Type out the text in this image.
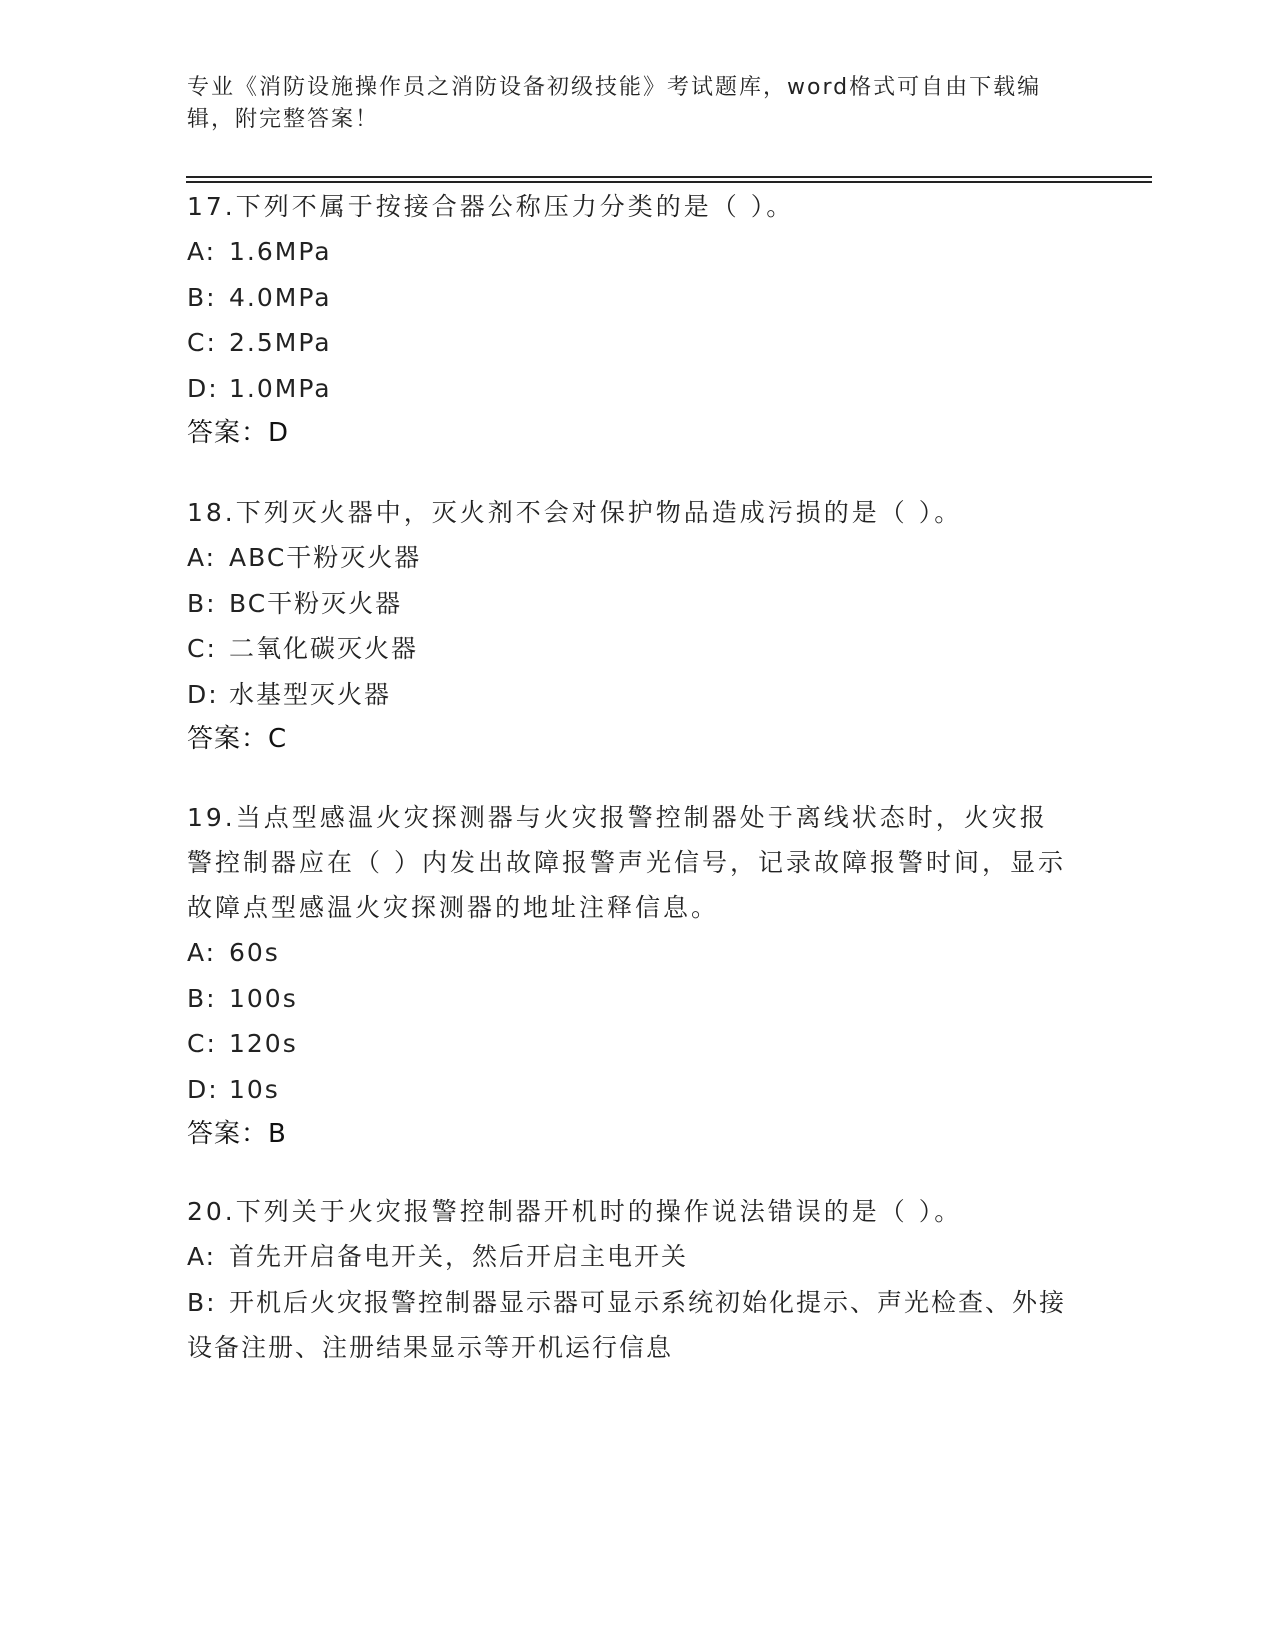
专业《消防设施操作员之消防设备初级技能》考试题库，word格式可自由下载编辑，附完整答案！
17.下列不属于按接合器公称压力分类的是（ ）。
A: 1.6MPa
B: 4.0MPa
C: 2.5MPa
D: 1.0MPa
答案：D
18.下列灭火器中，灭火剂不会对保护物品造成污损的是（ ）。
A: ABC干粉灭火器
B: BC干粉灭火器
C: 二氧化碳灭火器
D: 水基型灭火器
答案：C
19.当点型感温火灾探测器与火灾报警控制器处于离线状态时，火灾报警控制器应在（ ）内发出故障报警声光信号，记录故障报警时间，显示故障点型感温火灾探测器的地址注释信息。
A: 60s
B: 100s
C: 120s
D: 10s
答案：B
20.下列关于火灾报警控制器开机时的操作说法错误的是（ ）。
A: 首先开启备电开关，然后开启主电开关
B: 开机后火灾报警控制器显示器可显示系统初始化提示、声光检查、外接设备注册、注册结果显示等开机运行信息
